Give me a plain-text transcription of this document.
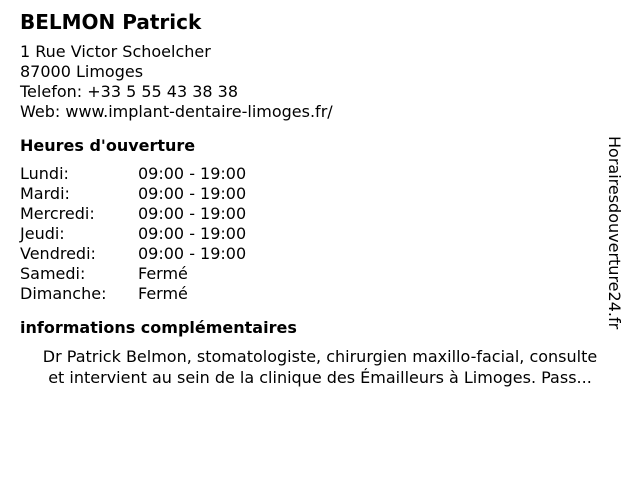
BELMON Patrick
1 Rue Victor Schoelcher
87000 Limoges
Telefon: +33 5 55 43 38 38
Web: www.implant-dentaire-limoges.fr/
Heures d'ouverture
Lundi:	09:00 - 19:00
Mardi:	09:00 - 19:00
Mercredi:	09:00 - 19:00
Jeudi:	09:00 - 19:00
Vendredi:	09:00 - 19:00
Samedi:	Fermé
Dimanche:	Fermé
informations complémentaires
Dr Patrick Belmon, stomatologiste, chirurgien maxillo-facial, consulte
et intervient au sein de la clinique des Émailleurs à Limoges. Pass...
Horairesdouverture24.fr
